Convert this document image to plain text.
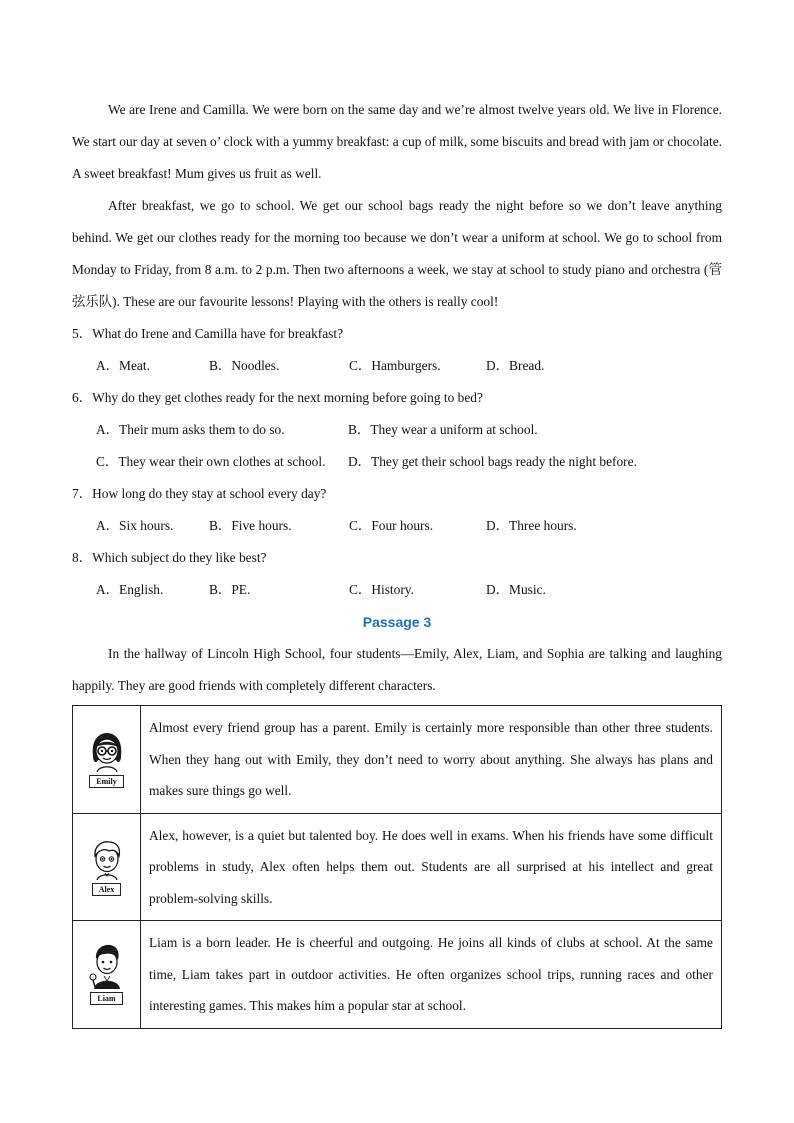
We are Irene and Camilla. We were born on the same day and we’re almost twelve years old. We live in Florence. We start our day at seven o’ clock with a yummy breakfast: a cup of milk, some biscuits and bread with jam or chocolate. A sweet breakfast! Mum gives us fruit as well.

After breakfast, we go to school. We get our school bags ready the night before so we don’t leave anything behind. We get our clothes ready for the morning too because we don’t wear a uniform at school. We go to school from Monday to Friday, from 8 a.m. to 2 p.m. Then two afternoons a week, we stay at school to study piano and orchestra (管弦乐队). These are our favourite lessons! Playing with the others is really cool!

5．What do Irene and Camilla have for breakfast?
A．Meat.	B．Noodles.	C．Hamburgers.	D．Bread.
6．Why do they get clothes ready for the next morning before going to bed?
A．Their mum asks them to do so.	B．They wear a uniform at school.
C．They wear their own clothes at school. D．They get their school bags ready the night before.
7．How long do they stay at school every day?
A．Six hours.	B．Five hours.	C．Four hours.	D．Three hours.
8．Which subject do they like best?
A．English.	B．PE.	C．History.	D．Music.
Passage 3

In the hallway of Lincoln High School, four students—Emily, Alex, Liam, and Sophia are talking and laughing happily. They are good friends with completely different characters.

Emily	Almost every friend group has a parent. Emily is certainly more responsible than other three students. When they hang out with Emily, they don’t need to worry about anything. She always has plans and makes sure things go well.

Alex	Alex, however, is a quiet but talented boy. He does well in exams. When his friends have some difficult problems in study, Alex often helps them out. Students are all surprised at his intellect and great problem-solving skills.

Liam	Liam is a born leader. He is cheerful and outgoing. He joins all kinds of clubs at school. At the same time, Liam takes part in outdoor activities. He often organizes school trips, running races and other interesting games. This makes him a popular star at school.
